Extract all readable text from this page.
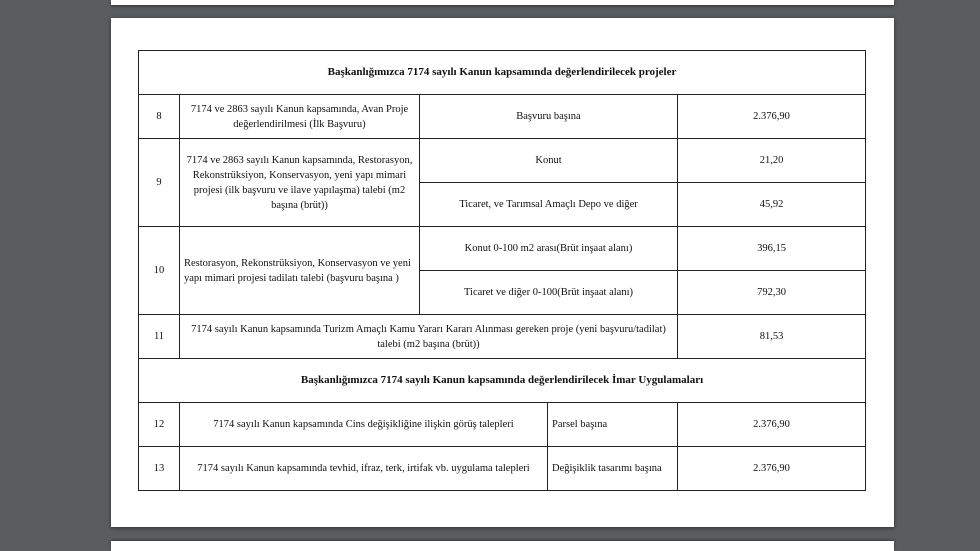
Başkanlığımızca 7174 sayılı Kanun kapsamında değerlendirilecek projeler				
8	7174 ve 2863 sayılı Kanun kapsamında, Avan Proje değerlendirilmesi (İlk Başvuru)	Başvuru başına		2.376,90
9	7174 ve 2863 sayılı Kanun kapsamında, Restorasyon, Rekonstrüksiyon, Konservasyon, yeni yapı mimari projesi (ilk başvuru ve ilave yapılaşma) talebi (m2 başına (brüt))	Konut		21,20
		Ticaret, ve Tarımsal Amaçlı Depo ve diğer		45,92
10	Restorasyon, Rekonstrüksiyon, Konservasyon ve yeni yapı mimari projesi tadilatı talebi (başvuru başına )	Konut 0-100 m2 arası(Brüt inşaat alanı)		396,15
		Ticaret ve diğer 0-100(Brüt inşaat alanı)		792,30
11	7174 sayılı Kanun kapsamında Turizm Amaçlı Kamu Yararı Kararı Alınması gereken proje (yeni başvuru/tadilat) talebi (m2 başına (brüt))			81,53
Başkanlığımızca 7174 sayılı Kanun kapsamında değerlendirilecek İmar Uygulamaları				
12	7174 sayılı Kanun kapsamında Cins değişikliğine ilişkin görüş talepleri		Parsel başına	2.376,90
13	7174 sayılı Kanun kapsamında tevhid, ifraz, terk, irtifak vb. uygulama talepleri		Değişiklik tasarımı başına	2.376,90
